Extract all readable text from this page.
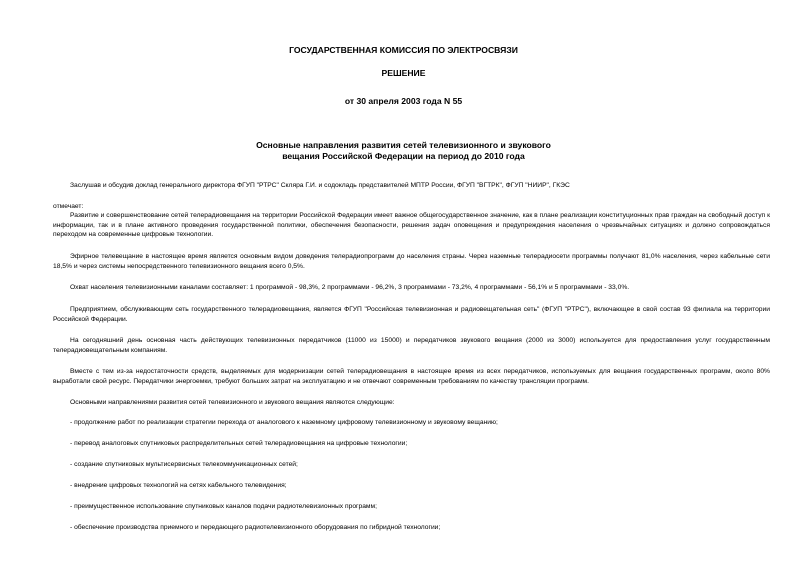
ГОСУДАРСТВЕННАЯ КОМИССИЯ ПО ЭЛЕКТРОСВЯЗИ

РЕШЕНИЕ

от 30 апреля 2003 года N 55

Основные направления развития сетей телевизионного и звукового

вещания Российской Федерации на период до 2010 года

Заслушав и обсудив доклад генерального директора ФГУП "РТРС" Скляра Г.И. и содокладь представителей МПТР России, ФГУП "ВГТРК", ФГУП "НИИР", ГКЭС

отмечает:

Развитие и совершенствование сетей телерадиовещания на территории Российской Федерации имеет важное общегосударственное значение, как в плане реализации конституционных прав граждан на свободный доступ к информации, так и в плане активного проведения государственной политики, обеспечения безопасности, решения задач оповещения и предупреждения населения о чрезвычайных ситуациях и должно сопровождаться переходом на современные цифровые технологии.

Эфирное телевещание в настоящее время является основным видом доведения телерадиопрограмм до населения страны. Через наземные телерадиосети программы получают 81,0% населения, через кабельные сети 18,5% и через системы непосредственного телевизионного вещания всего 0,5%.

Охват населения телевизионными каналами составляет: 1 программой - 98,3%, 2 программами - 96,2%, 3 программами - 73,2%, 4 программами - 56,1% и 5 программами - 33,0%.

Предприятием, обслуживающим сеть государственного телерадиовещания, является ФГУП "Российская телевизионная и радиовещательная сеть" (ФГУП "РТРС"), включающее в свой состав 93 филиала на территории Российской Федерации.

На сегодняшний день основная часть действующих телевизионных передатчиков (11000 из 15000) и передатчиков звукового вещания (2000 из 3000) используется для предоставления услуг государственным телерадиовещательным компаниям.

Вместе с тем из-за недостаточности средств, выделяемых для модернизации сетей телерадиовещания в настоящее время из всех передатчиков, используемых для вещания государственных программ, около 80% выработали свой ресурс. Передатчики энергоемки, требуют больших затрат на эксплуатацию и не отвечают современным требованиям по качеству трансляции программ.

Основными направлениями развития сетей телевизионного и звукового вещания являются следующие:

- продолжение работ по реализации стратегии перехода от аналогового к наземному цифровому телевизионному и звуковому вещанию;

- перевод аналоговых спутниковых распределительных сетей телерадиовещания на цифровые технологии;

- создание спутниковых мультисервисных телекоммуникационных сетей;

- внедрение цифровых технологий на сетях кабельного телевидения;

- преимущественное использование спутниковых каналов подачи радиотелевизионных программ;

- обеспечение производства приемного и передающего радиотелевизионного оборудования по гибридной технологии;
